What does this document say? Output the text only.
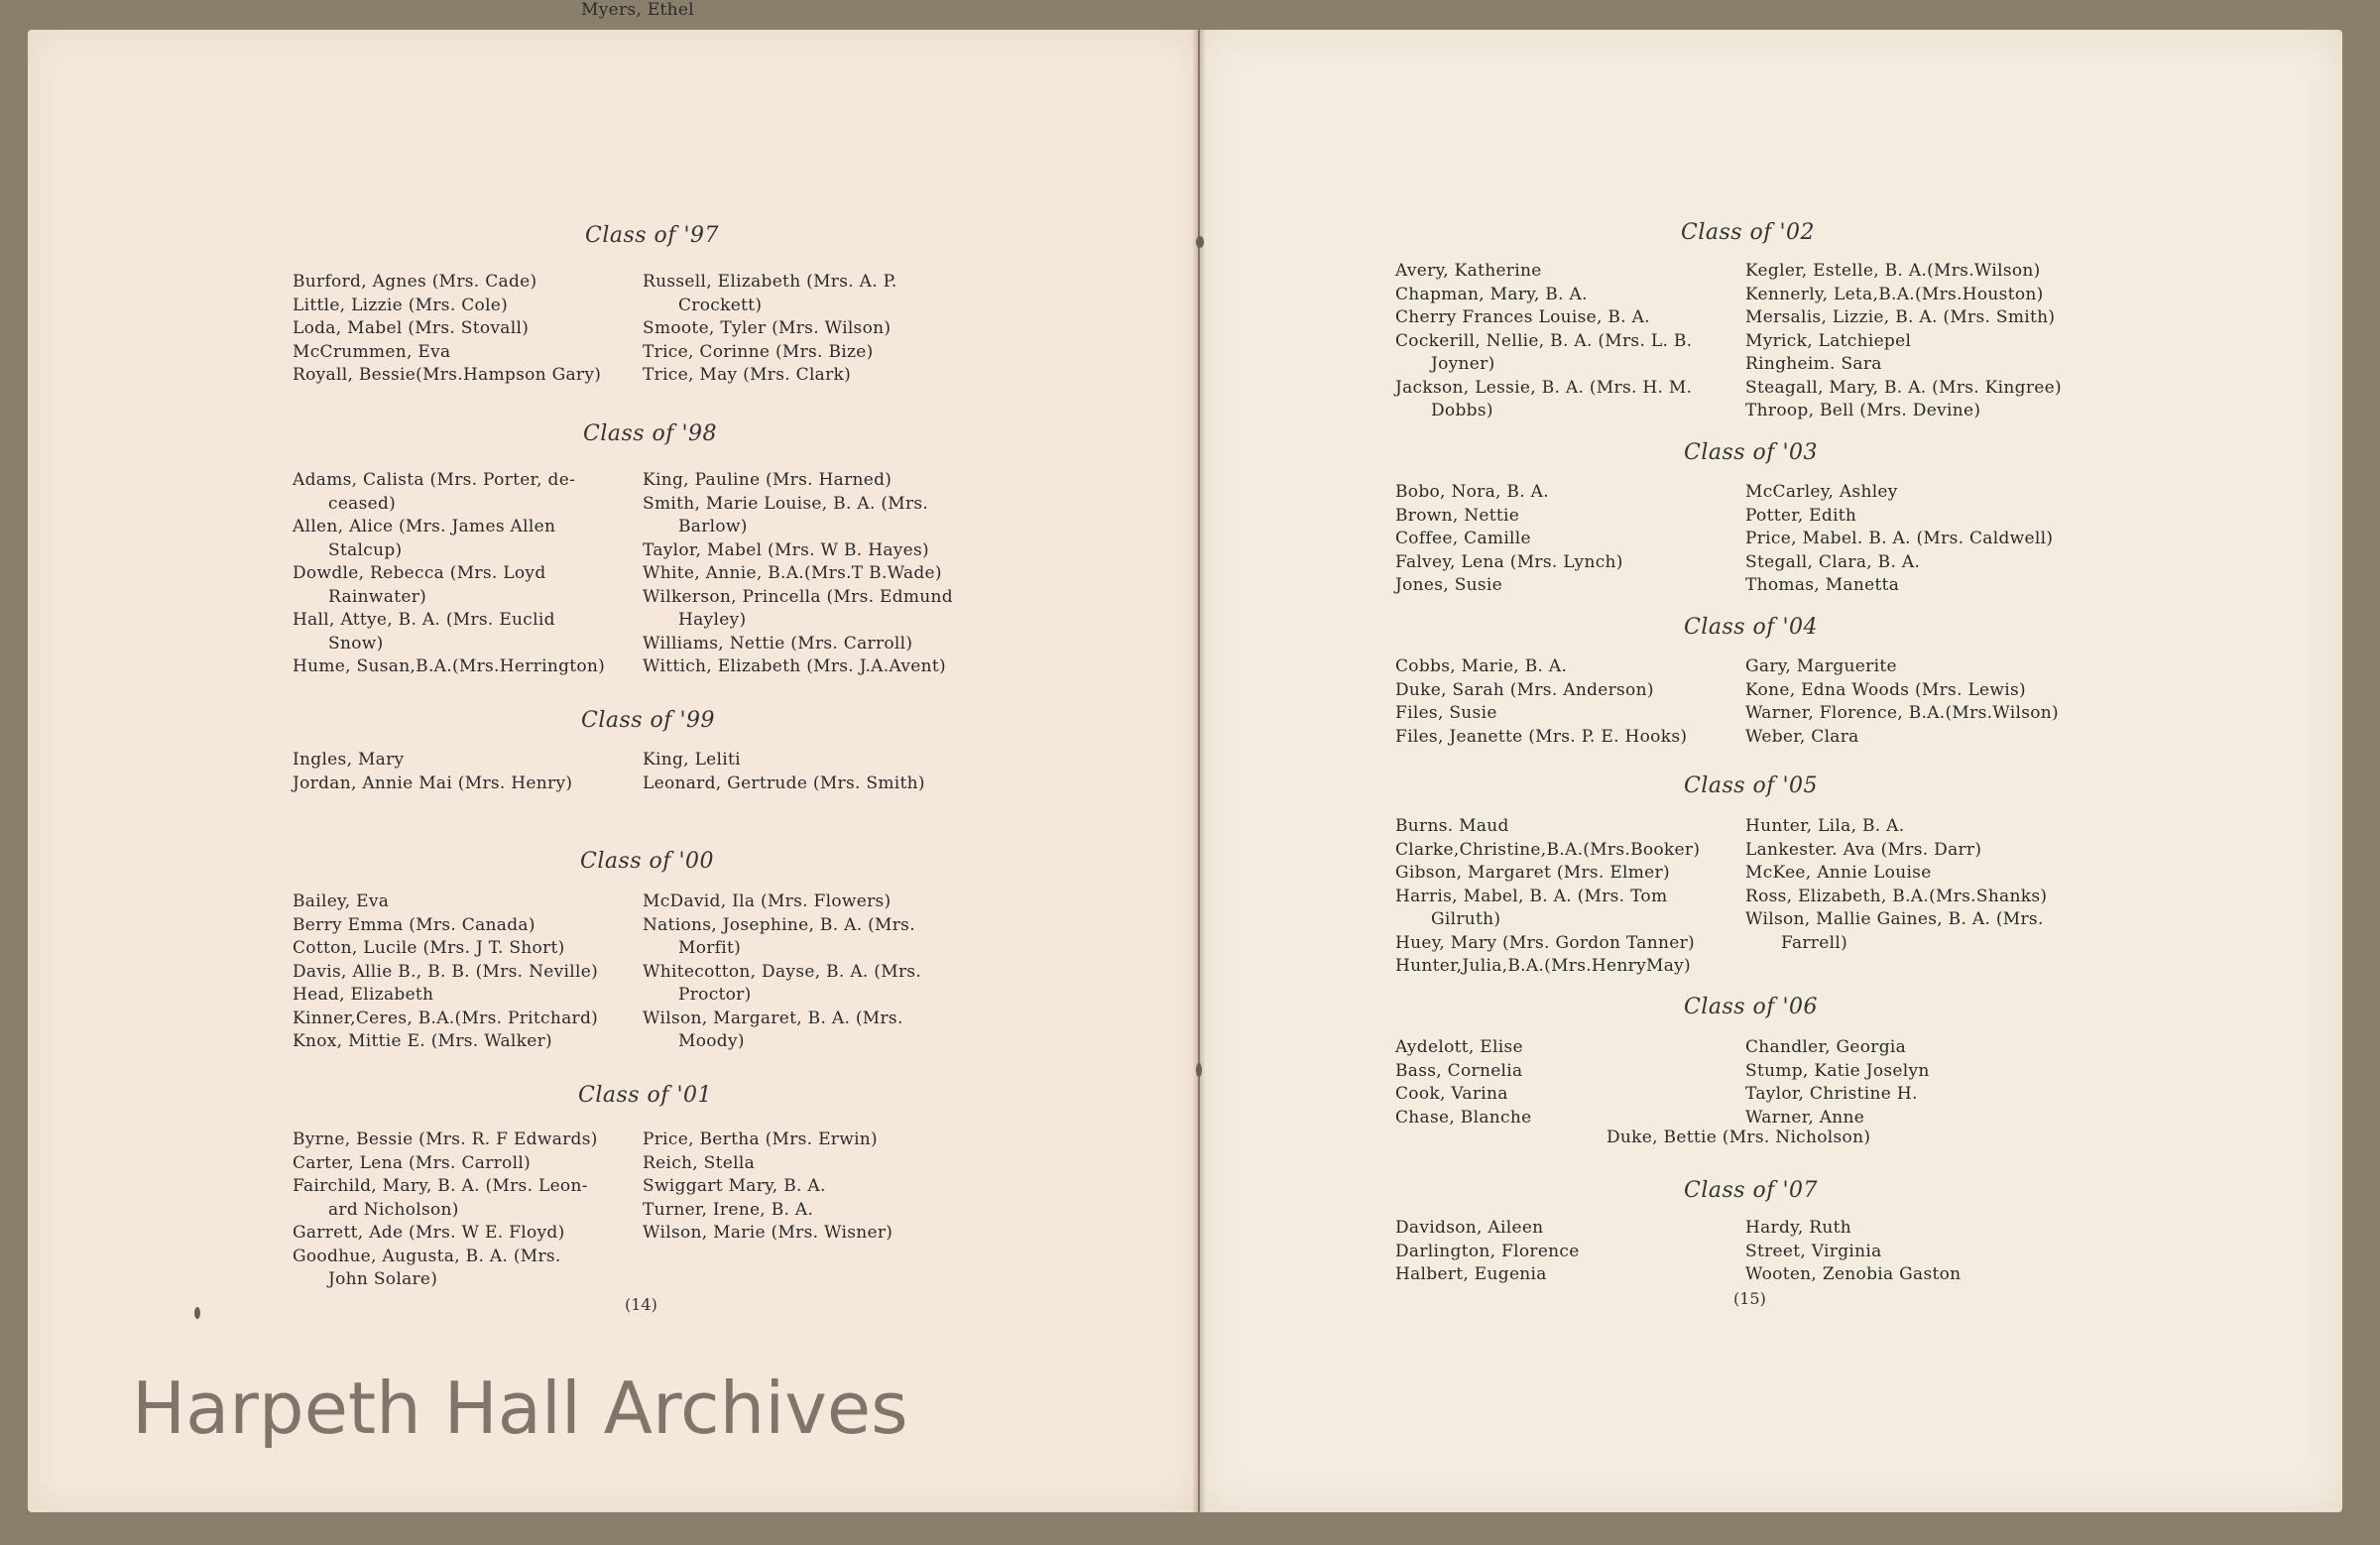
Class of '97
Burford, Agnes (Mrs. Cade)
Little, Lizzie (Mrs. Cole)
Loda, Mabel (Mrs. Stovall)
McCrummen, Eva
Royall, Bessie(Mrs.Hampson Gary)
Russell, Elizabeth (Mrs. A. P.
Crockett)
Smoote, Tyler (Mrs. Wilson)
Trice, Corinne (Mrs. Bize)
Trice, May (Mrs. Clark)
Class of '98
Adams, Calista (Mrs. Porter, de-
ceased)
Allen, Alice (Mrs. James Allen
Stalcup)
Dowdle, Rebecca (Mrs. Loyd
Rainwater)
Hall, Attye, B. A. (Mrs. Euclid
Snow)
Hume, Susan,B.A.(Mrs.Herrington)
King, Pauline (Mrs. Harned)
Smith, Marie Louise, B. A. (Mrs.
Barlow)
Taylor, Mabel (Mrs. W B. Hayes)
White, Annie, B.A.(Mrs.T B.Wade)
Wilkerson, Princella (Mrs. Edmund
Hayley)
Williams, Nettie (Mrs. Carroll)
Wittich, Elizabeth (Mrs. J.A.Avent)
Class of '99
Ingles, Mary
Jordan, Annie Mai (Mrs. Henry)
King, Leliti
Leonard, Gertrude (Mrs. Smith)
Myers, Ethel
Class of '00
Bailey, Eva
Berry Emma (Mrs. Canada)
Cotton, Lucile (Mrs. J T. Short)
Davis, Allie B., B. B. (Mrs. Neville)
Head, Elizabeth
Kinner,Ceres, B.A.(Mrs. Pritchard)
Knox, Mittie E. (Mrs. Walker)
McDavid, Ila (Mrs. Flowers)
Nations, Josephine, B. A. (Mrs.
Morfit)
Whitecotton, Dayse, B. A. (Mrs.
Proctor)
Wilson, Margaret, B. A. (Mrs.
Moody)
Class of '01
Byrne, Bessie (Mrs. R. F Edwards)
Carter, Lena (Mrs. Carroll)
Fairchild, Mary, B. A. (Mrs. Leon-
ard Nicholson)
Garrett, Ade (Mrs. W E. Floyd)
Goodhue, Augusta, B. A. (Mrs.
John Solare)
Price, Bertha (Mrs. Erwin)
Reich, Stella
Swiggart Mary, B. A.
Turner, Irene, B. A.
Wilson, Marie (Mrs. Wisner)
Class of '02
Avery, Katherine
Chapman, Mary, B. A.
Cherry Frances Louise, B. A.
Cockerill, Nellie, B. A. (Mrs. L. B.
Joyner)
Jackson, Lessie, B. A. (Mrs. H. M.
Dobbs)
Kegler, Estelle, B. A.(Mrs.Wilson)
Kennerly, Leta,B.A.(Mrs.Houston)
Mersalis, Lizzie, B. A. (Mrs. Smith)
Myrick, Latchiepel
Ringheim. Sara
Steagall, Mary, B. A. (Mrs. Kingree)
Throop, Bell (Mrs. Devine)
Class of '03
Bobo, Nora, B. A.
Brown, Nettie
Coffee, Camille
Falvey, Lena (Mrs. Lynch)
Jones, Susie
McCarley, Ashley
Potter, Edith
Price, Mabel. B. A. (Mrs. Caldwell)
Stegall, Clara, B. A.
Thomas, Manetta
Class of '04
Cobbs, Marie, B. A.
Duke, Sarah (Mrs. Anderson)
Files, Susie
Files, Jeanette (Mrs. P. E. Hooks)
Gary, Marguerite
Kone, Edna Woods (Mrs. Lewis)
Warner, Florence, B.A.(Mrs.Wilson)
Weber, Clara
Class of '05
Burns. Maud
Clarke,Christine,B.A.(Mrs.Booker)
Gibson, Margaret (Mrs. Elmer)
Harris, Mabel, B. A. (Mrs. Tom
Gilruth)
Huey, Mary (Mrs. Gordon Tanner)
Hunter,Julia,B.A.(Mrs.HenryMay)
Hunter, Lila, B. A.
Lankester. Ava (Mrs. Darr)
McKee, Annie Louise
Ross, Elizabeth, B.A.(Mrs.Shanks)
Wilson, Mallie Gaines, B. A. (Mrs.
Farrell)
Class of '06
Aydelott, Elise
Bass, Cornelia
Cook, Varina
Chase, Blanche
Chandler, Georgia
Stump, Katie Joselyn
Taylor, Christine H.
Warner, Anne
Duke, Bettie (Mrs. Nicholson)
Class of '07
Davidson, Aileen
Darlington, Florence
Halbert, Eugenia
Hardy, Ruth
Street, Virginia
Wooten, Zenobia Gaston
(14)	(15)
Harpeth Hall Archives
